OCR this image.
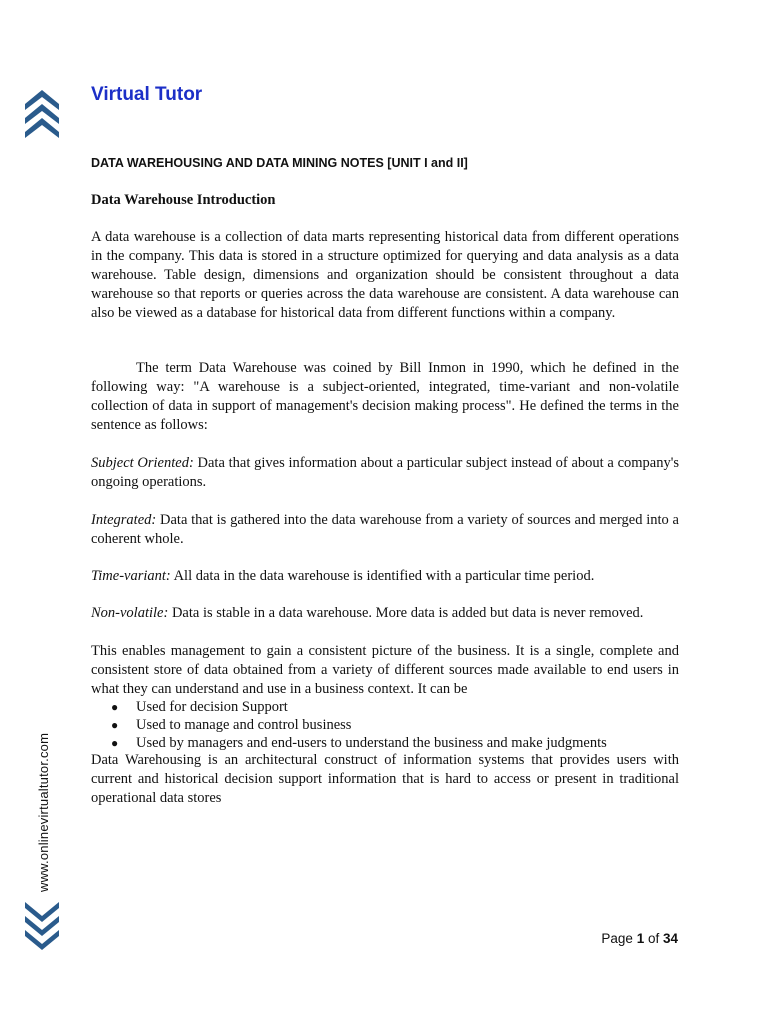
Virtual Tutor
DATA WAREHOUSING AND DATA MINING NOTES [UNIT I and II]
Data Warehouse Introduction

A data warehouse is a collection of data marts representing historical data from different operations in the company. This data is stored in a structure optimized for querying and data analysis as a data warehouse. Table design, dimensions and organization should be consistent throughout a data warehouse so that reports or queries across the data warehouse are consistent. A data warehouse can also be viewed as a database for historical data from different functions within a company.

The term Data Warehouse was coined by Bill Inmon in 1990, which he defined in the following way: "A warehouse is a subject-oriented, integrated, time-variant and non-volatile collection of data in support of management's decision making process". He defined the terms in the sentence as follows:

Subject Oriented: Data that gives information about a particular subject instead of about a company's ongoing operations.

Integrated: Data that is gathered into the data warehouse from a variety of sources and merged into a coherent whole.

Time-variant: All data in the data warehouse is identified with a particular time period.

Non-volatile: Data is stable in a data warehouse. More data is added but data is never removed.

This enables management to gain a consistent picture of the business. It is a single, complete and consistent store of data obtained from a variety of different sources made available to end users in what they can understand and use in a business context. It can be

● Used for decision Support
● Used to manage and control business
● Used by managers and end-users to understand the business and make judgments

Data Warehousing is an architectural construct of information systems that provides users with current and historical decision support information that is hard to access or present in traditional operational data stores

www.onlinevirtualtutor.com
Page 1 of 34
